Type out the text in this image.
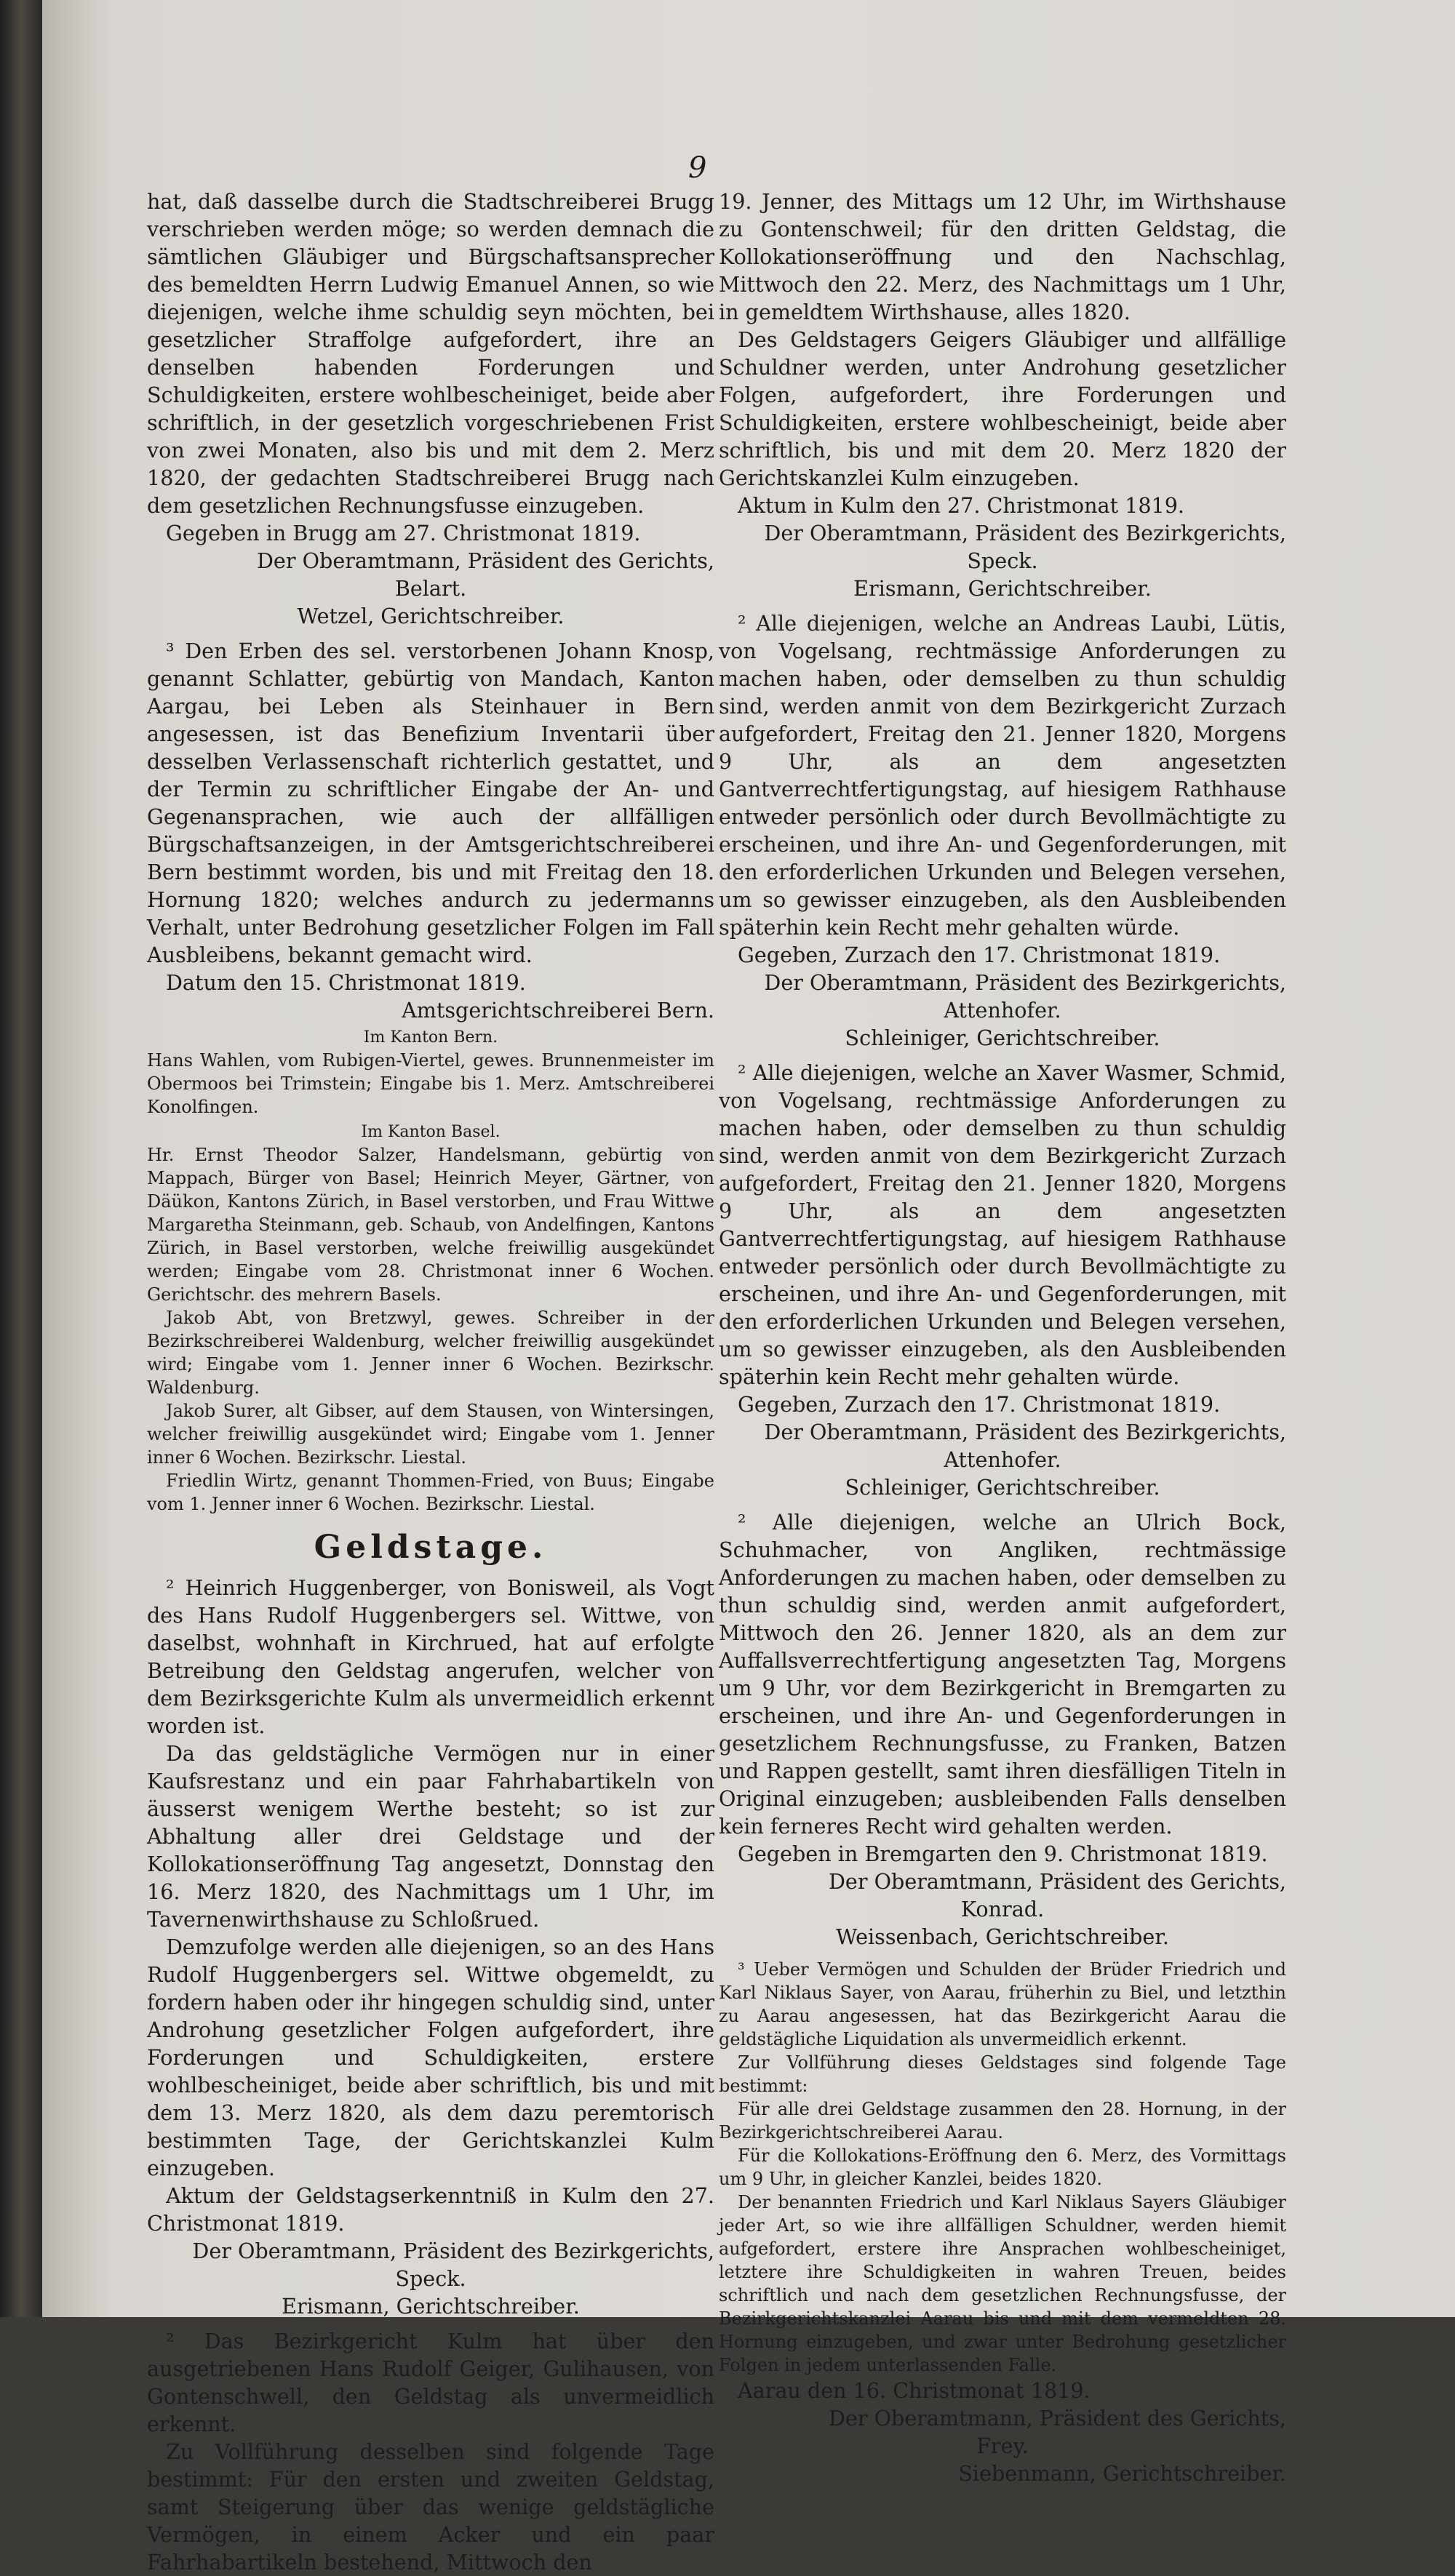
9

hat, daß dasselbe durch die Stadtschreiberei Brugg verschrieben werden möge; so werden demnach die sämtlichen Gläubiger und Bürgschaftsansprecher des bemeldten Herrn Ludwig Emanuel Annen, so wie diejenigen, welche ihme schuldig seyn möchten, bei gesetzlicher Straffolge aufgefordert, ihre an denselben habenden Forderungen und Schuldigkeiten, erstere wohlbescheiniget, beide aber schriftlich, in der gesetzlich vorgeschriebenen Frist von zwei Monaten, also bis und mit dem 2. Merz 1820, der gedachten Stadtschreiberei Brugg nach dem gesetzlichen Rechnungsfusse einzugeben.

Gegeben in Brugg am 27. Christmonat 1819.

Der Oberamtmann, Präsident des Gerichts,

Belart.

Wetzel, Gerichtschreiber.

³ Den Erben des sel. verstorbenen Johann Knosp, genannt Schlatter, gebürtig von Mandach, Kanton Aargau, bei Leben als Steinhauer in Bern angesessen, ist das Benefizium Inventarii über desselben Verlassenschaft richterlich gestattet, und der Termin zu schriftlicher Eingabe der An- und Gegenansprachen, wie auch der allfälligen Bürgschaftsanzeigen, in der Amtsgerichtschreiberei Bern bestimmt worden, bis und mit Freitag den 18. Hornung 1820; welches andurch zu jedermanns Verhalt, unter Bedrohung gesetzlicher Folgen im Fall Ausbleibens, bekannt gemacht wird.

Datum den 15. Christmonat 1819.

Amtsgerichtschreiberei Bern.

Im Kanton Bern.

Hans Wahlen, vom Rubigen-Viertel, gewes. Brunnenmeister im Obermoos bei Trimstein; Eingabe bis 1. Merz. Amtschreiberei Konolfingen.

Im Kanton Basel.

Hr. Ernst Theodor Salzer, Handelsmann, gebürtig von Mappach, Bürger von Basel; Heinrich Meyer, Gärtner, von Däükon, Kantons Zürich, in Basel verstorben, und Frau Wittwe Margaretha Steinmann, geb. Schaub, von Andelfingen, Kantons Zürich, in Basel verstorben, welche freiwillig ausgekündet werden; Eingabe vom 28. Christmonat inner 6 Wochen. Gerichtschr. des mehrern Basels.

Jakob Abt, von Bretzwyl, gewes. Schreiber in der Bezirkschreiberei Waldenburg, welcher freiwillig ausgekündet wird; Eingabe vom 1. Jenner inner 6 Wochen. Bezirkschr. Waldenburg.

Jakob Surer, alt Gibser, auf dem Stausen, von Wintersingen, welcher freiwillig ausgekündet wird; Eingabe vom 1. Jenner inner 6 Wochen. Bezirkschr. Liestal.

Friedlin Wirtz, genannt Thommen-Fried, von Buus; Eingabe vom 1. Jenner inner 6 Wochen. Bezirkschr. Liestal.

Geldstage.

² Heinrich Huggenberger, von Bonisweil, als Vogt des Hans Rudolf Huggenbergers sel. Wittwe, von daselbst, wohnhaft in Kirchrued, hat auf erfolgte Betreibung den Geldstag angerufen, welcher von dem Bezirksgerichte Kulm als unvermeidlich erkennt worden ist.

Da das geldstägliche Vermögen nur in einer Kaufsrestanz und ein paar Fahrhabartikeln von äusserst wenigem Werthe besteht; so ist zur Abhaltung aller drei Geldstage und der Kollokationseröffnung Tag angesetzt, Donnstag den 16. Merz 1820, des Nachmittags um 1 Uhr, im Tavernenwirthshause zu Schloßrued.

Demzufolge werden alle diejenigen, so an des Hans Rudolf Huggenbergers sel. Wittwe obgemeldt, zu fordern haben oder ihr hingegen schuldig sind, unter Androhung gesetzlicher Folgen aufgefordert, ihre Forderungen und Schuldigkeiten, erstere wohlbescheiniget, beide aber schriftlich, bis und mit dem 13. Merz 1820, als dem dazu peremtorisch bestimmten Tage, der Gerichtskanzlei Kulm einzugeben.

Aktum der Geldstagserkenntniß in Kulm den 27. Christmonat 1819.

Der Oberamtmann, Präsident des Bezirkgerichts,

Speck.

Erismann, Gerichtschreiber.

² Das Bezirkgericht Kulm hat über den ausgetriebenen Hans Rudolf Geiger, Gulihausen, von Gontenschwell, den Geldstag als unvermeidlich erkennt.

Zu Vollführung desselben sind folgende Tage bestimmt: Für den ersten und zweiten Geldstag, samt Steigerung über das wenige geldstägliche Vermögen, in einem Acker und ein paar Fahrhabartikeln bestehend, Mittwoch den

19. Jenner, des Mittags um 12 Uhr, im Wirthshause zu Gontenschweil; für den dritten Geldstag, die Kollokationseröffnung und den Nachschlag, Mittwoch den 22. Merz, des Nachmittags um 1 Uhr, in gemeldtem Wirthshause, alles 1820.

Des Geldstagers Geigers Gläubiger und allfällige Schuldner werden, unter Androhung gesetzlicher Folgen, aufgefordert, ihre Forderungen und Schuldigkeiten, erstere wohlbescheinigt, beide aber schriftlich, bis und mit dem 20. Merz 1820 der Gerichtskanzlei Kulm einzugeben.

Aktum in Kulm den 27. Christmonat 1819.

Der Oberamtmann, Präsident des Bezirkgerichts,

Speck.

Erismann, Gerichtschreiber.

² Alle diejenigen, welche an Andreas Laubi, Lütis, von Vogelsang, rechtmässige Anforderungen zu machen haben, oder demselben zu thun schuldig sind, werden anmit von dem Bezirkgericht Zurzach aufgefordert, Freitag den 21. Jenner 1820, Morgens 9 Uhr, als an dem angesetzten Gantverrechtfertigungstag, auf hiesigem Rathhause entweder persönlich oder durch Bevollmächtigte zu erscheinen, und ihre An- und Gegenforderungen, mit den erforderlichen Urkunden und Belegen versehen, um so gewisser einzugeben, als den Ausbleibenden späterhin kein Recht mehr gehalten würde.

Gegeben, Zurzach den 17. Christmonat 1819.

Der Oberamtmann, Präsident des Bezirkgerichts,

Attenhofer.

Schleiniger, Gerichtschreiber.

² Alle diejenigen, welche an Xaver Wasmer, Schmid, von Vogelsang, rechtmässige Anforderungen zu machen haben, oder demselben zu thun schuldig sind, werden anmit von dem Bezirkgericht Zurzach aufgefordert, Freitag den 21. Jenner 1820, Morgens 9 Uhr, als an dem angesetzten Gantverrechtfertigungstag, auf hiesigem Rathhause entweder persönlich oder durch Bevollmächtigte zu erscheinen, und ihre An- und Gegenforderungen, mit den erforderlichen Urkunden und Belegen versehen, um so gewisser einzugeben, als den Ausbleibenden späterhin kein Recht mehr gehalten würde.

Gegeben, Zurzach den 17. Christmonat 1819.

Der Oberamtmann, Präsident des Bezirkgerichts,

Attenhofer.

Schleiniger, Gerichtschreiber.

² Alle diejenigen, welche an Ulrich Bock, Schuhmacher, von Angliken, rechtmässige Anforderungen zu machen haben, oder demselben zu thun schuldig sind, werden anmit aufgefordert, Mittwoch den 26. Jenner 1820, als an dem zur Auffallsverrechtfertigung angesetzten Tag, Morgens um 9 Uhr, vor dem Bezirkgericht in Bremgarten zu erscheinen, und ihre An- und Gegenforderungen in gesetzlichem Rechnungsfusse, zu Franken, Batzen und Rappen gestellt, samt ihren diesfälligen Titeln in Original einzugeben; ausbleibenden Falls denselben kein ferneres Recht wird gehalten werden.

Gegeben in Bremgarten den 9. Christmonat 1819.

Der Oberamtmann, Präsident des Gerichts,

Konrad.

Weissenbach, Gerichtschreiber.

³ Ueber Vermögen und Schulden der Brüder Friedrich und Karl Niklaus Sayer, von Aarau, früherhin zu Biel, und letzthin zu Aarau angesessen, hat das Bezirkgericht Aarau die geldstägliche Liquidation als unvermeidlich erkennt.

Zur Vollführung dieses Geldstages sind folgende Tage bestimmt:

Für alle drei Geldstage zusammen den 28. Hornung, in der Bezirkgerichtschreiberei Aarau.

Für die Kollokations-Eröffnung den 6. Merz, des Vormittags um 9 Uhr, in gleicher Kanzlei, beides 1820.

Der benannten Friedrich und Karl Niklaus Sayers Gläubiger jeder Art, so wie ihre allfälligen Schuldner, werden hiemit aufgefordert, erstere ihre Ansprachen wohlbescheiniget, letztere ihre Schuldigkeiten in wahren Treuen, beides schriftlich und nach dem gesetzlichen Rechnungsfusse, der Bezirkgerichtskanzlei Aarau bis und mit dem vermeldten 28. Hornung einzugeben, und zwar unter Bedrohung gesetzlicher Folgen in jedem unterlassenden Falle.

Aarau den 16. Christmonat 1819.

Der Oberamtmann, Präsident des Gerichts,

Frey.

Siebenmann, Gerichtschreiber.
